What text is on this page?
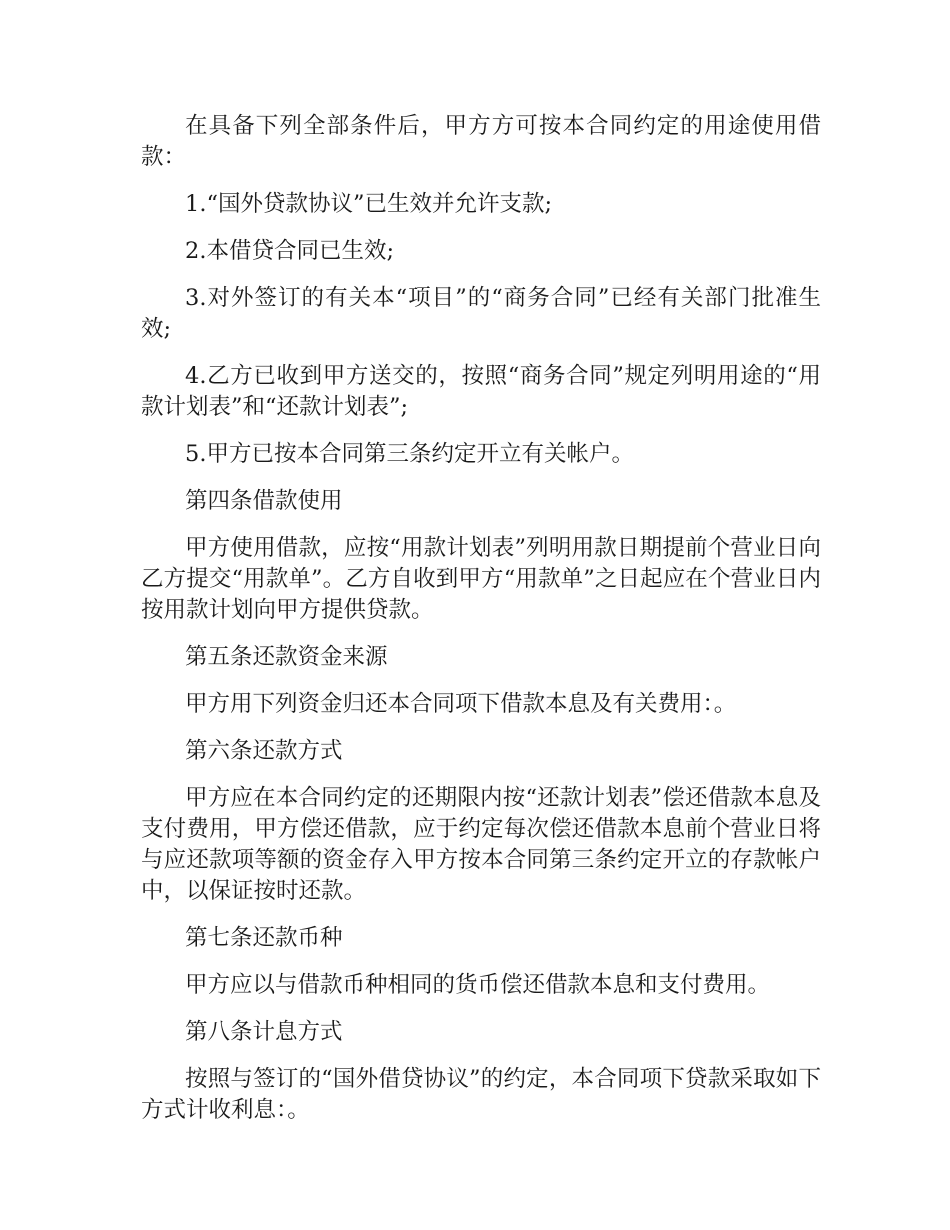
在具备下列全部条件后，甲方方可按本合同约定的用途使用借款：

1.“国外贷款协议”已生效并允许支款;

2.本借贷合同已生效;

3.对外签订的有关本“项目”的“商务合同”已经有关部门批准生效;

4.乙方已收到甲方送交的，按照“商务合同”规定列明用途的“用款计划表”和“还款计划表”;

5.甲方已按本合同第三条约定开立有关帐户。

第四条借款使用

甲方使用借款，应按“用款计划表”列明用款日期提前个营业日向乙方提交“用款单”。乙方自收到甲方“用款单”之日起应在个营业日内按用款计划向甲方提供贷款。

第五条还款资金来源

甲方用下列资金归还本合同项下借款本息及有关费用：。

第六条还款方式

甲方应在本合同约定的还期限内按“还款计划表”偿还借款本息及支付费用，甲方偿还借款，应于约定每次偿还借款本息前个营业日将与应还款项等额的资金存入甲方按本合同第三条约定开立的存款帐户中，以保证按时还款。

第七条还款币种

甲方应以与借款币种相同的货币偿还借款本息和支付费用。

第八条计息方式

按照与签订的“国外借贷协议”的约定，本合同项下贷款采取如下方式计收利息：。
